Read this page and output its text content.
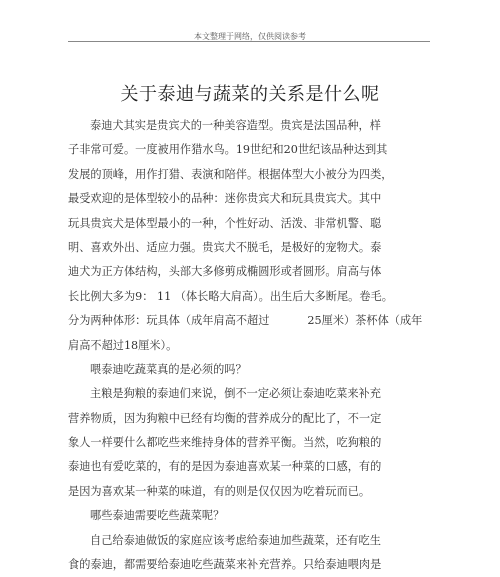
本文整理于网络，仅供阅读参考
关于泰迪与蔬菜的关系是什么呢
泰迪犬其实是贵宾犬的一种美容造型。贵宾是法国品种，样
子非常可爱。一度被用作猎水鸟。19世纪和20世纪该品种达到其
发展的顶峰，用作打猎、表演和陪伴。根据体型大小被分为四类，
最受欢迎的是体型较小的品种：迷你贵宾犬和玩具贵宾犬。其中
玩具贵宾犬是体型最小的一种，个性好动、活泼、非常机警、聪
明、喜欢外出、适应力强。贵宾犬不脱毛，是极好的宠物犬。泰
迪犬为正方体结构，头部大多修剪成椭圆形或者圆形。肩高与体
长比例大多为9： 11 （体长略大肩高）。出生后大多断尾。卷毛。
分为两种体形：玩具体（成年肩高不超过	25厘米）茶杯体（成年
肩高不超过18厘米）。
喂泰迪吃蔬菜真的是必须的吗？
主粮是狗粮的泰迪们来说，倒不一定必须让泰迪吃菜来补充
营养物质，因为狗粮中已经有均衡的营养成分的配比了，不一定
象人一样要什么都吃些来维持身体的营养平衡。当然，吃狗粮的
泰迪也有爱吃菜的，有的是因为泰迪喜欢某一种菜的口感，有的
是因为喜欢某一种菜的味道，有的则是仅仅因为吃着玩而已。
哪些泰迪需要吃些蔬菜呢？
自己给泰迪做饭的家庭应该考虑给泰迪加些蔬菜，还有吃生
食的泰迪，都需要给泰迪吃些蔬菜来补充营养。只给泰迪喂肉是
